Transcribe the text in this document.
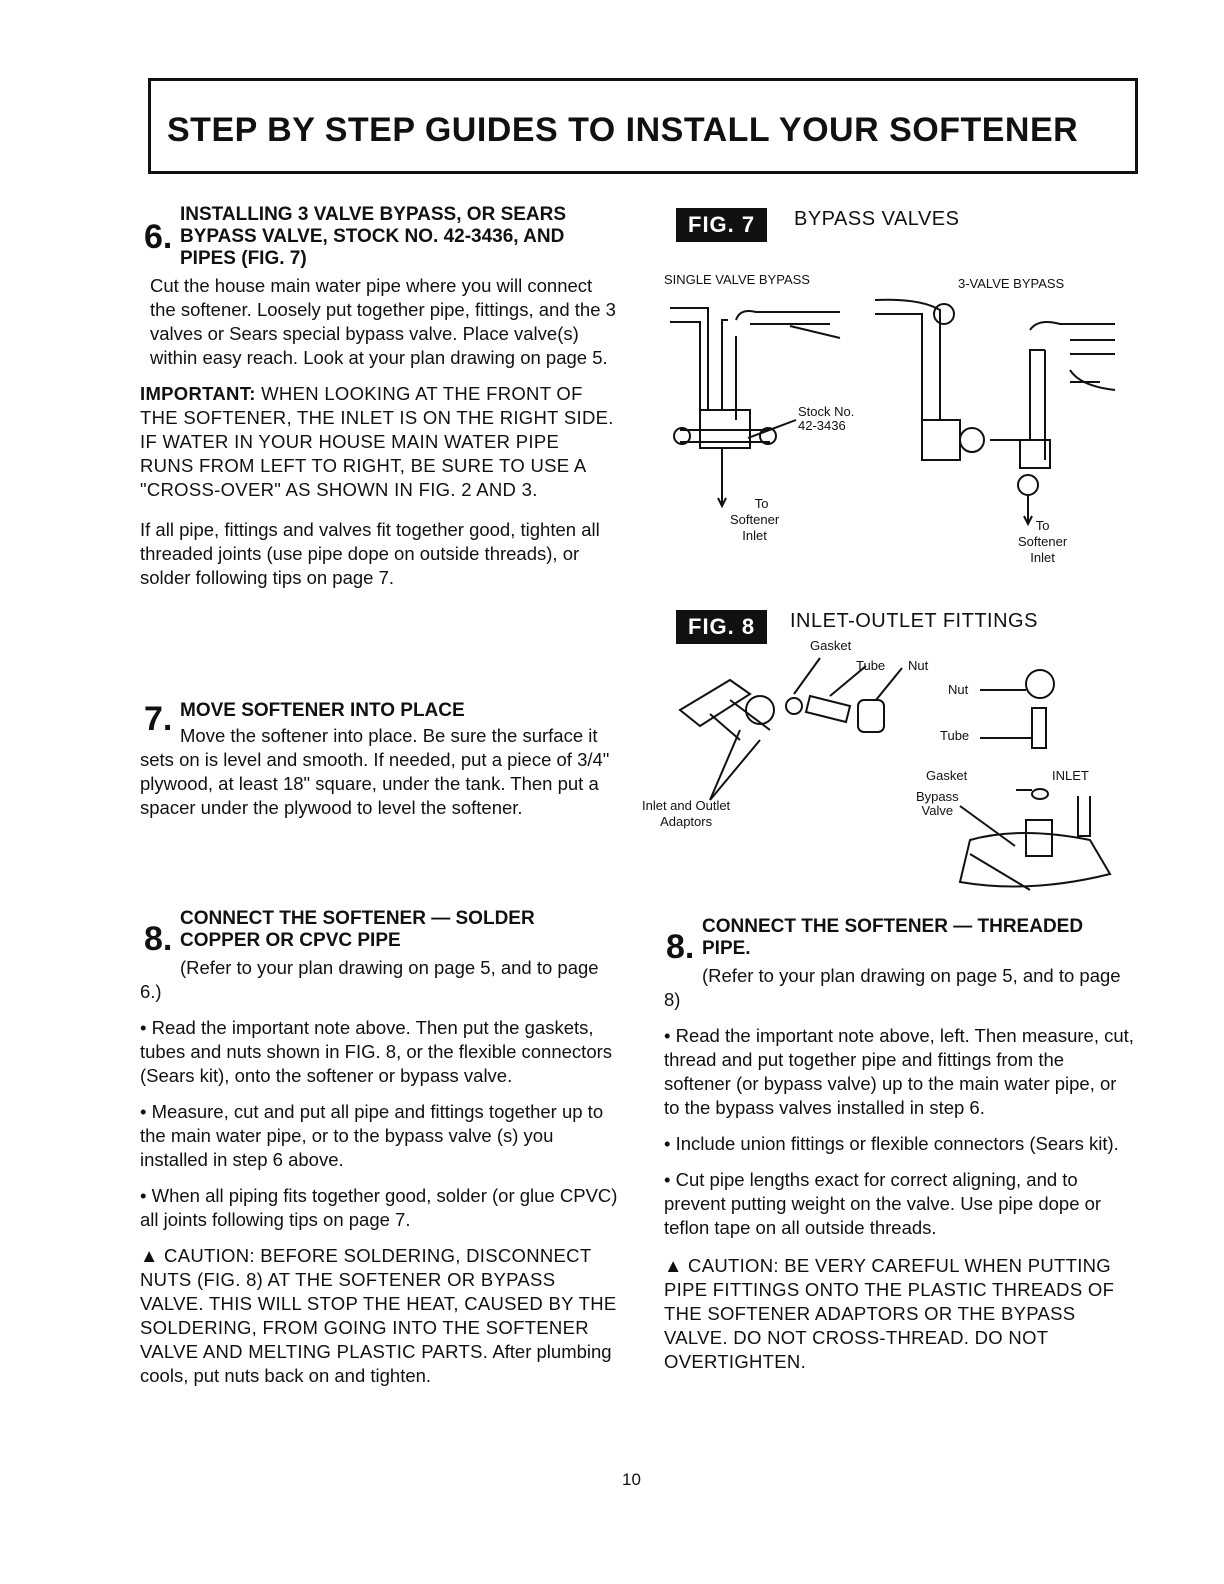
STEP BY STEP GUIDES TO INSTALL YOUR SOFTENER
6.
INSTALLING 3 VALVE BYPASS, OR SEARS BYPASS VALVE, STOCK NO. 42-3436, AND PIPES (FIG. 7)

Cut the house main water pipe where you will connect the softener. Loosely put together pipe, fittings, and the 3 valves or Sears special bypass valve. Place valve(s) within easy reach. Look at your plan drawing on page 5.

IMPORTANT: WHEN LOOKING AT THE FRONT OF THE SOFTENER, THE INLET IS ON THE RIGHT SIDE. IF WATER IN YOUR HOUSE MAIN WATER PIPE RUNS FROM LEFT TO RIGHT, BE SURE TO USE A "CROSS-OVER" AS SHOWN IN FIG. 2 AND 3.

If all pipe, fittings and valves fit together good, tighten all threaded joints (use pipe dope on outside threads), or solder following tips on page 7.

7. MOVE SOFTENER INTO PLACE

Move the softener into place. Be sure the surface it sets on is level and smooth. If needed, put a piece of 3/4" plywood, at least 18" square, under the tank. Then put a spacer under the plywood to level the softener.

8.
CONNECT THE SOFTENER — SOLDER COPPER OR CPVC PIPE

(Refer to your plan drawing on page 5, and to page 6.)

• Read the important note above. Then put the gaskets, tubes and nuts shown in FIG. 8, or the flexible connectors (Sears kit), onto the softener or bypass valve.

• Measure, cut and put all pipe and fittings together up to the main water pipe, or to the bypass valve (s) you installed in step 6 above.

• When all piping fits together good, solder (or glue CPVC) all joints following tips on page 7.

▲ CAUTION: BEFORE SOLDERING, DISCONNECT NUTS (FIG. 8) AT THE SOFTENER OR BYPASS VALVE. THIS WILL STOP THE HEAT, CAUSED BY THE SOLDERING, FROM GOING INTO THE SOFTENER VALVE AND MELTING PLASTIC PARTS. After plumbing cools, put nuts back on and tighten.

8.
CONNECT THE SOFTENER — THREADED PIPE.

(Refer to your plan drawing on page 5, and to page 8)

• Read the important note above, left. Then measure, cut, thread and put together pipe and fittings from the softener (or bypass valve) up to the main water pipe, or to the bypass valves installed in step 6.

• Include union fittings or flexible connectors (Sears kit).

• Cut pipe lengths exact for correct aligning, and to prevent putting weight on the valve. Use pipe dope or teflon tape on all outside threads.

▲ CAUTION: BE VERY CAREFUL WHEN PUTTING PIPE FITTINGS ONTO THE PLASTIC THREADS OF THE SOFTENER ADAPTORS OR THE BYPASS VALVE. DO NOT CROSS-THREAD. DO NOT OVERTIGHTEN.

FIG. 7	BYPASS VALVES
SINGLE VALVE BYPASS	3-VALVE BYPASS
Stock No.
42-3436
To
Softener
Inlet
To
Softener
Inlet
FIG. 8	INLET-OUTLET FITTINGS
Gasket
Tube Nut
Nut
Tube
Gasket	INLET
Bypass
Valve
Inlet and Outlet
Adaptors
10
